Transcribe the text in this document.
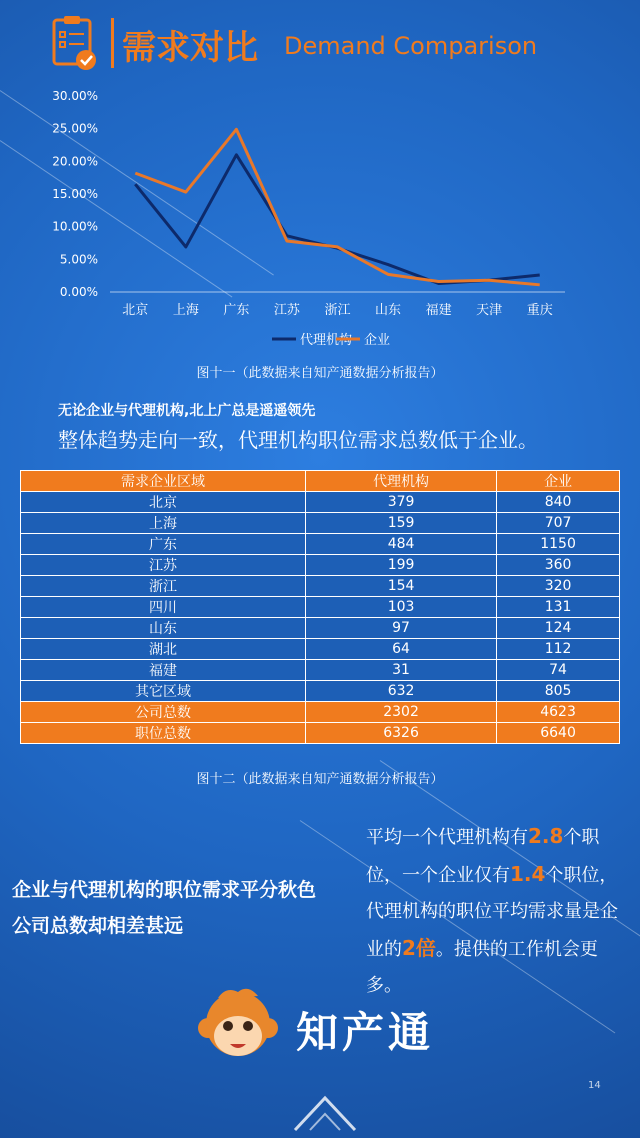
需求对比 Demand Comparison
0.00%
5.00%
10.00%
15.00%
20.00%
25.00%
30.00%
北京 上海 广东 江苏 浙江 山东 福建 天津 重庆
代理机构 企业
图十一（此数据来自知产通数据分析报告）
无论企业与代理机构,北上广总是遥遥领先
整体趋势走向一致，代理机构职位需求总数低于企业。
需求企业区域	代理机构	企业
北京	379	840
上海	159	707
广东	484	1150
江苏	199	360
浙江	154	320
四川	103	131
山东	97	124
湖北	64	112
福建	31	74
其它区域	632	805
公司总数	2302	4623
职位总数	6326	6640
图十二（此数据来自知产通数据分析报告）
企业与代理机构的职位需求平分秋色
公司总数却相差甚远
平均一个代理机构有2.8个职位，一个企业仅有1.4个职位，代理机构的职位平均需求量是企业的2倍。提供的工作机会更多。
知产通
14
